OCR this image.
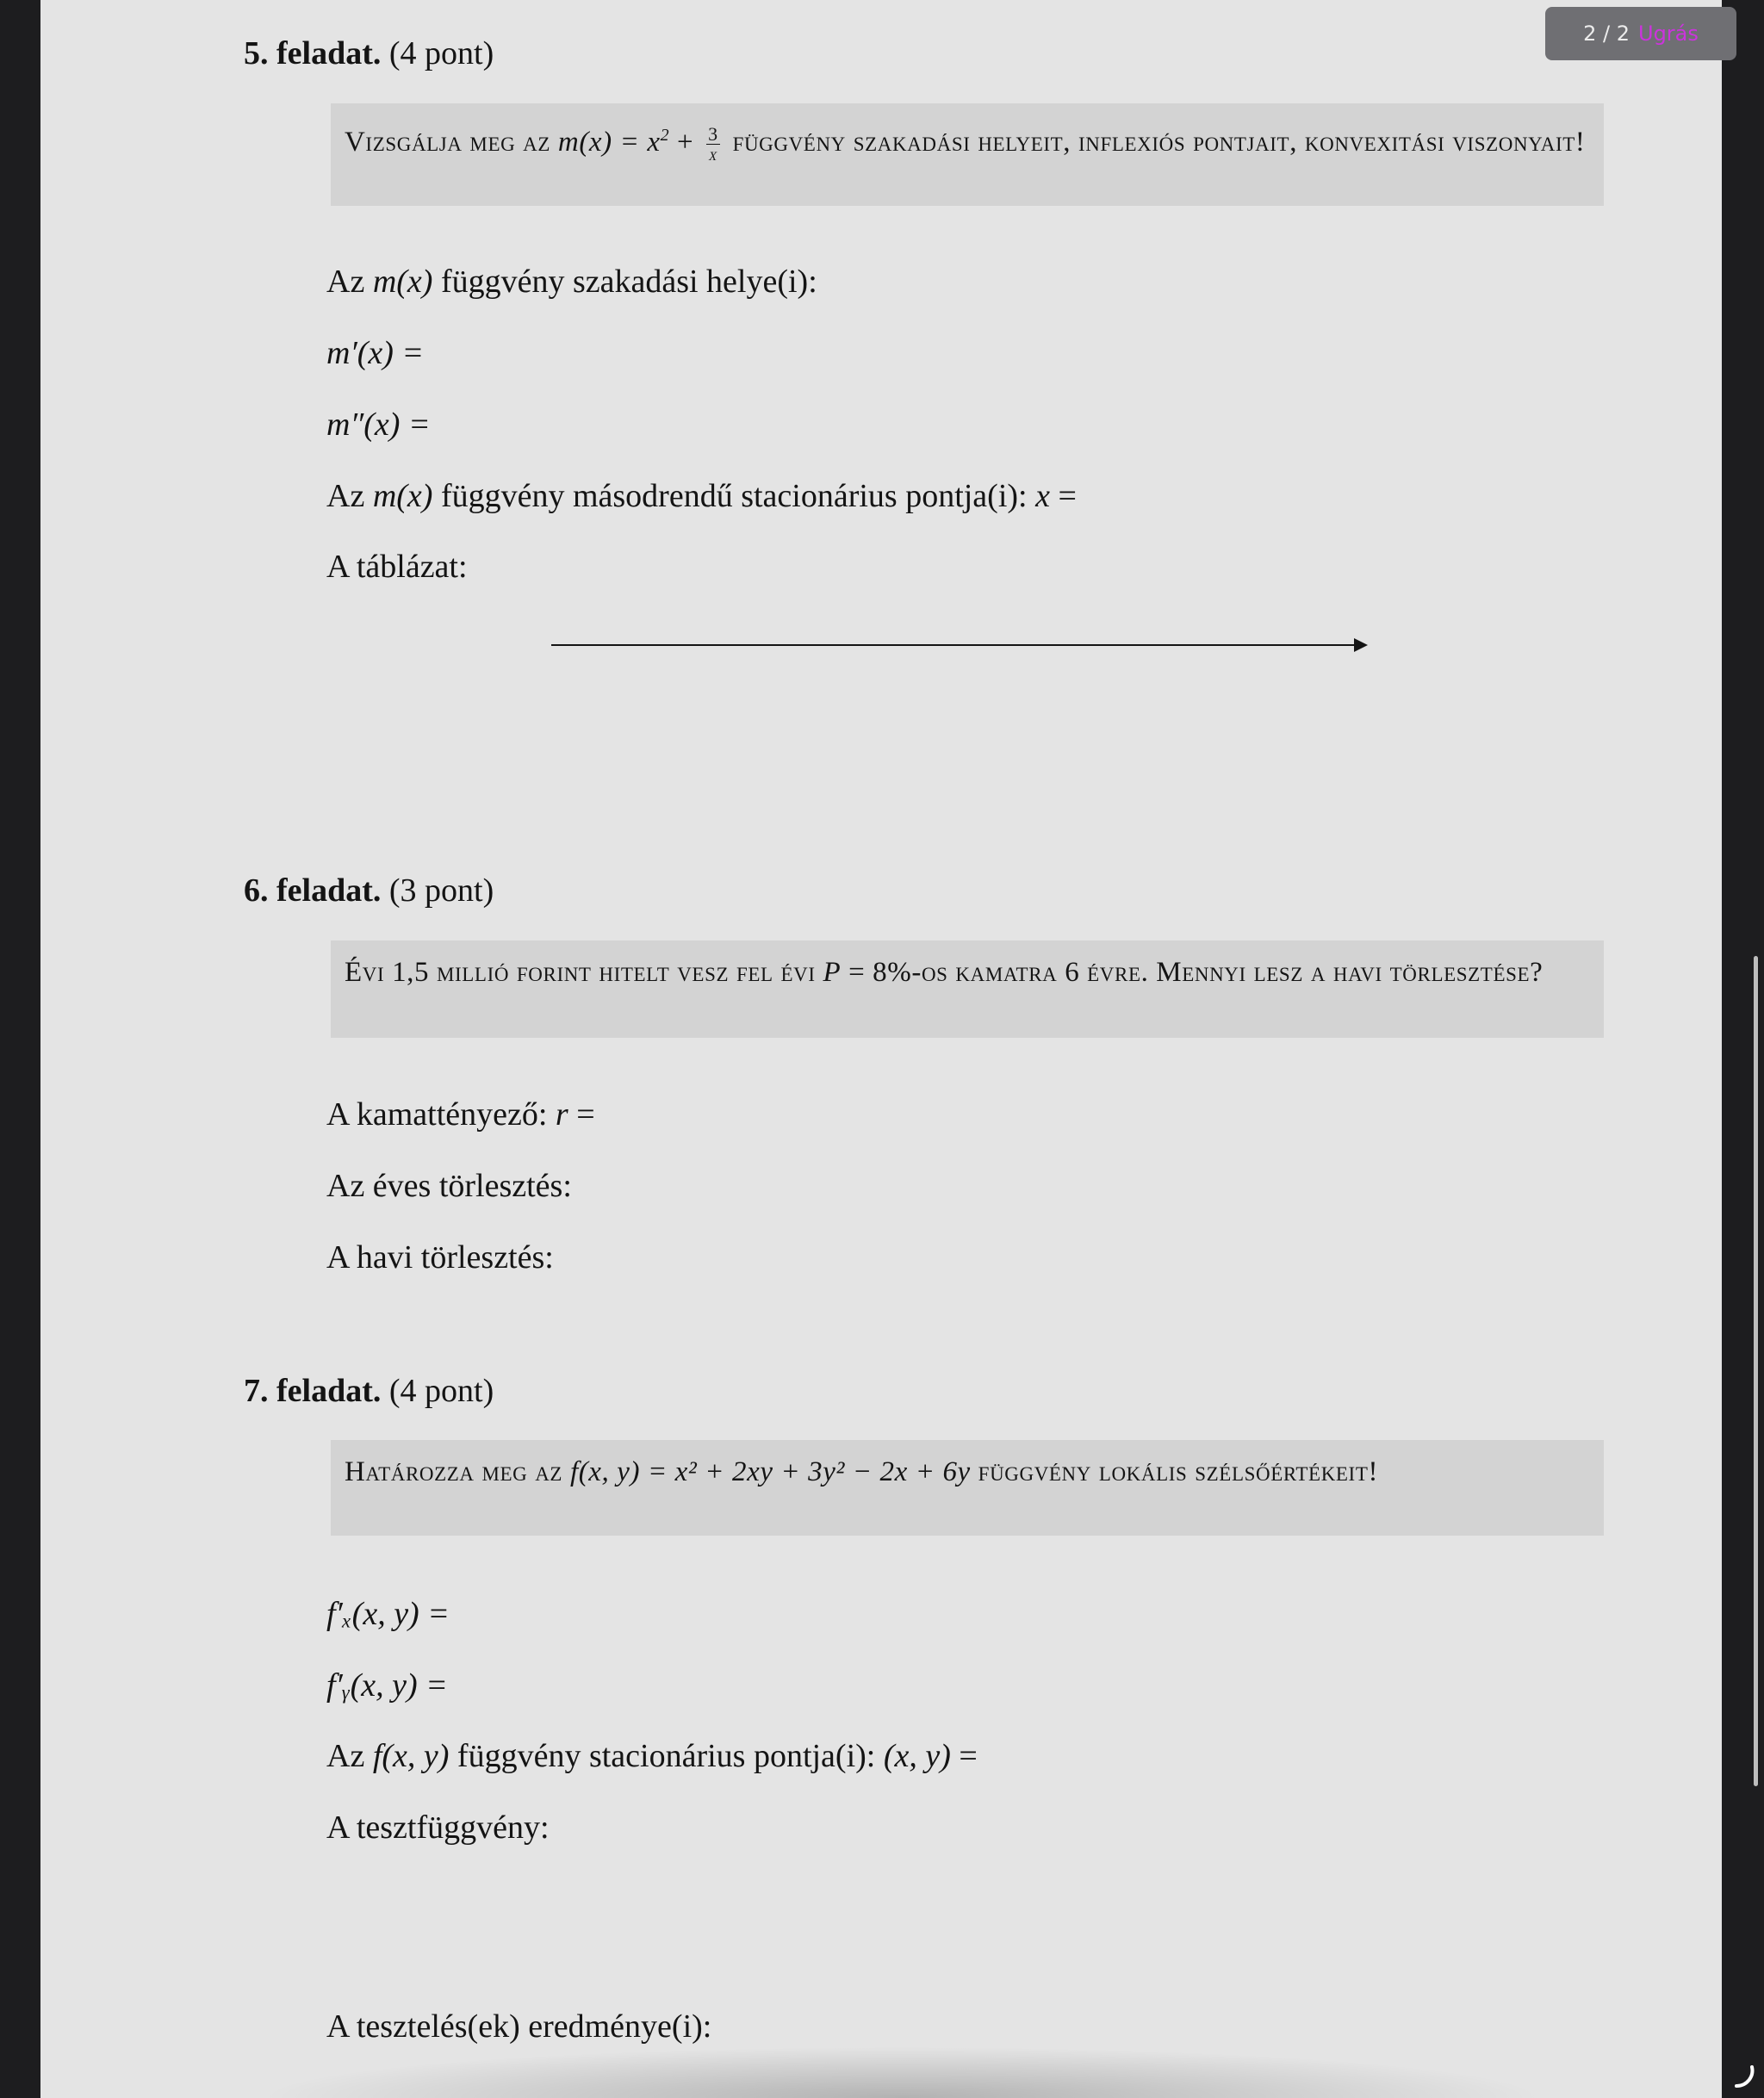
5. feladat. (4 pont)
Vizsgálja meg az $m(x) = x^2 + \frac{3}{x}$ függvény szakadási helyeit, inflexiós pontjait, konvexitási viszonyait!
Az m(x) függvény szakadási helye(i):
m′(x) =
m″(x) =
Az m(x) függvény másodrendű stacionárius pontja(i): x =
A táblázat:
6. feladat. (3 pont)
Évi 1,5 millió forint hitelt vesz fel évi P = 8%-os kamatra 6 évre. Mennyi lesz a havi törlesztése?
A kamattényező: r =
Az éves törlesztés:
A havi törlesztés:
7. feladat. (4 pont)
Határozza meg az f(x, y) = x² + 2xy + 3y² − 2x + 6y függvény lokális szélsőértékeit!
f′ₓ(x, y) =
f′ᵧ(x, y) =
Az f(x, y) függvény stacionárius pontja(i): (x, y) =
A tesztfüggvény:
A tesztelés(ek) eredménye(i):
2 / 2 Ugrás
